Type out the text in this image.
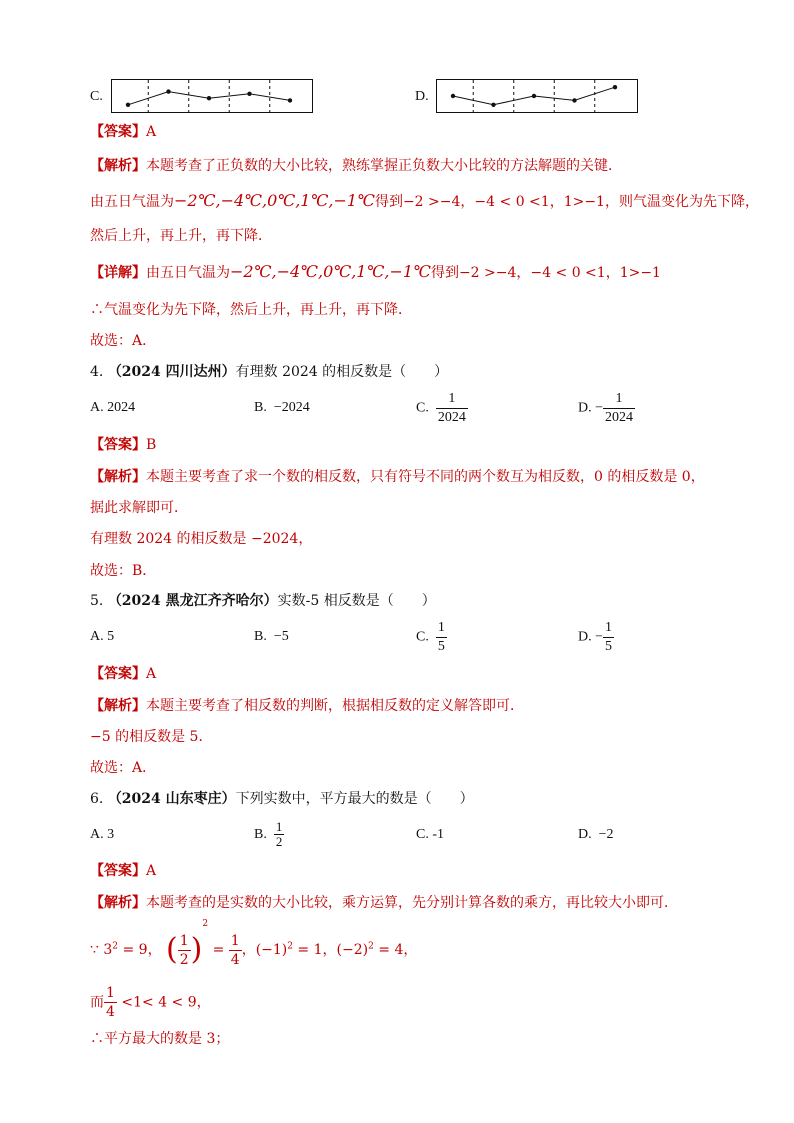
C.	D.
【答案】A
【解析】本题考查了正负数的大小比较，熟练掌握正负数大小比较的方法解题的关键．
由五日气温为−2℃,−4℃,0℃,1℃,−1℃得到−2 >−4，−4 < 0 <1，1>−1，则气温变化为先下降，
然后上升，再上升，再下降．
【详解】由五日气温为−2℃,−4℃,0℃,1℃,−1℃得到−2 >−4，−4 < 0 <1，1>−1
∴气温变化为先下降，然后上升，再上升，再下降．
故选：A．
4. （2024 四川达州）有理数 2024 的相反数是（　　）
A. 2024	B. −2024	C. $\frac{1}{2024}$	D. − $\frac{1}{2024}$
【答案】B
【解析】本题主要考查了求一个数的相反数，只有符号不同的两个数互为相反数，0 的相反数是 0，
据此求解即可．
有理数 2024 的相反数是 −2024，
故选：B．
5. （2024 黑龙江齐齐哈尔）实数-5 相反数是（　　）
A. 5	B. −5	C. $\frac{1}{5}$	D. − $\frac{1}{5}$
【答案】A
【解析】本题主要考查了相反数的判断，根据相反数的定义解答即可．
−5 的相反数是 5．
故选：A．
6. （2024 山东枣庄）下列实数中，平方最大的数是（　　）
A. 3	B. $\frac{1}{2}$	C. -1	D. −2
【答案】A
【解析】本题考查的是实数的大小比较，乘方运算，先分别计算各数的乘方，再比较大小即可．
∵ $3^2 = 9$， ( $\frac{1}{2} )^2 = \frac{1}{4}$ ，$(-1)^2 = 1$，$(-2)^2 = 4$，
而 $\frac{1}{4} <1< 4 < 9$，
∴平方最大的数是 3；
